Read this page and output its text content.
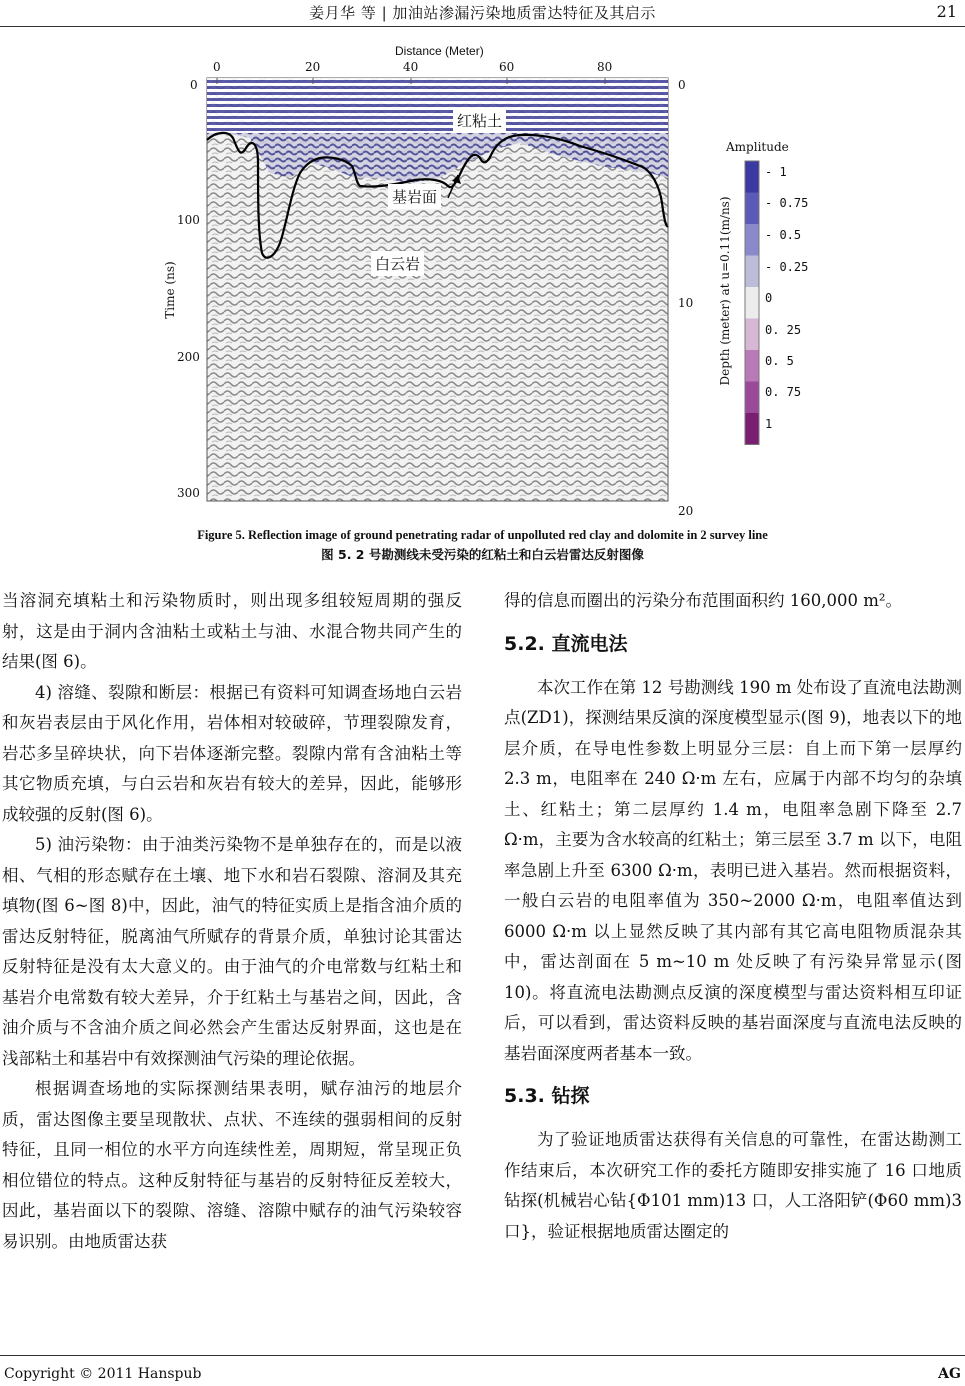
姜月华 等 | 加油站渗漏污染地质雷达特征及其启示	21
Distance (Meter)
0	20	40	60	80
0
100
200
300
Time (ns)
0
10
20
Depth (meter) at u=0.11(m/ns)
红粘土
基岩面
白云岩
Amplitude
- 1
- 0.75
- 0.5
- 0.25
0
0. 25
0. 5
0. 75
1
Figure 5. Reflection image of ground penetrating radar of unpolluted red clay and dolomite in 2 survey line
图 5. 2 号勘测线未受污染的红粘土和白云岩雷达反射图像

当溶洞充填粘土和污染物质时，则出现多组较短周期的强反射，这是由于洞内含油粘土或粘土与油、水混合物共同产生的结果(图 6)。

4) 溶缝、裂隙和断层：根据已有资料可知调查场地白云岩和灰岩表层由于风化作用，岩体相对较破碎，节理裂隙发育，岩芯多呈碎块状，向下岩体逐渐完整。裂隙内常有含油粘土等其它物质充填，与白云岩和灰岩有较大的差异，因此，能够形成较强的反射(图 6)。

5) 油污染物：由于油类污染物不是单独存在的，而是以液相、气相的形态赋存在土壤、地下水和岩石裂隙、溶洞及其充填物(图 6~图 8)中，因此，油气的特征实质上是指含油介质的雷达反射特征，脱离油气所赋存的背景介质，单独讨论其雷达反射特征是没有太大意义的。由于油气的介电常数与红粘土和基岩介电常数有较大差异，介于红粘土与基岩之间，因此，含油介质与不含油介质之间必然会产生雷达反射界面，这也是在浅部粘土和基岩中有效探测油气污染的理论依据。

根据调查场地的实际探测结果表明，赋存油污的地层介质，雷达图像主要呈现散状、点状、不连续的强弱相间的反射特征，且同一相位的水平方向连续性差，周期短，常呈现正负相位错位的特点。这种反射特征与基岩的反射特征反差较大，因此，基岩面以下的裂隙、溶缝、溶隙中赋存的油气污染较容易识别。由地质雷达获

得的信息而圈出的污染分布范围面积约 160,000 m²。

5.2. 直流电法

本次工作在第 12 号勘测线 190 m 处布设了直流电法勘测点(ZD1)，探测结果反演的深度模型显示(图 9)，地表以下的地层介质，在导电性参数上明显分三层：自上而下第一层厚约 2.3 m，电阻率在 240 Ω·m 左右，应属于内部不均匀的杂填土、红粘土；第二层厚约 1.4 m，电阻率急剧下降至 2.7 Ω·m，主要为含水较高的红粘土；第三层至 3.7 m 以下，电阻率急剧上升至 6300 Ω·m，表明已进入基岩。然而根据资料，一般白云岩的电阻率值为 350~2000 Ω·m，电阻率值达到 6000 Ω·m 以上显然反映了其内部有其它高电阻物质混杂其中，雷达剖面在 5 m~10 m 处反映了有污染异常显示(图 10)。将直流电法勘测点反演的深度模型与雷达资料相互印证后，可以看到，雷达资料反映的基岩面深度与直流电法反映的基岩面深度两者基本一致。

5.3. 钻探

为了验证地质雷达获得有关信息的可靠性，在雷达勘测工作结束后，本次研究工作的委托方随即安排实施了 16 口地质钻探(机械岩心钻{Φ101 mm)13 口，人工洛阳铲(Φ60 mm)3 口}，验证根据地质雷达圈定的

Copyright © 2011 Hanspub	AG
